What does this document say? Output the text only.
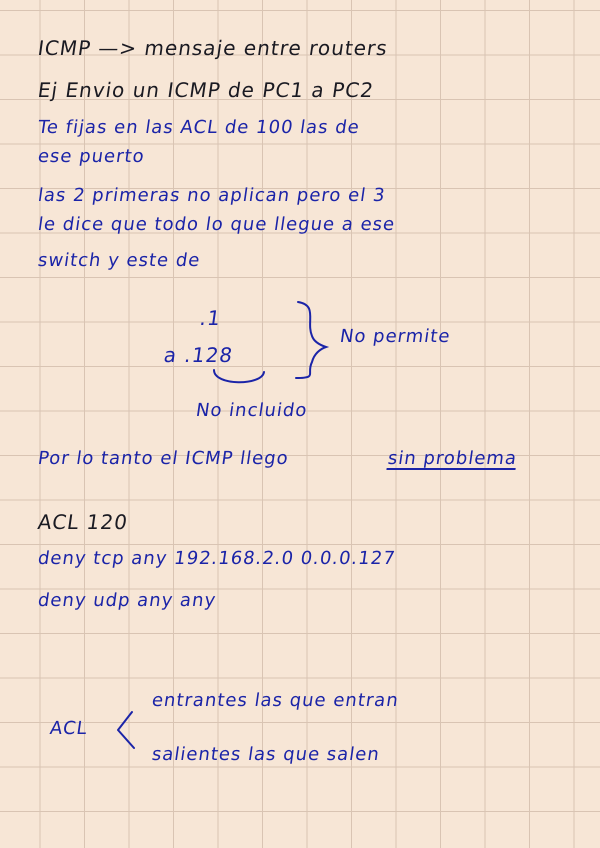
ICMP —> mensaje entre routers
Ej Envio un ICMP de PC1 a PC2
Te fijas en las ACL de 100 las de
ese puerto
las 2 primeras no aplican pero el 3
le dice que todo lo que llegue a ese
switch y este de
.1
a .128
No permite
No incluido
Por lo tanto el ICMP llego	sin problema
ACL 120
deny tcp any 192.168.2.0 0.0.0.127
deny udp any any
ACL
entrantes las que entran
salientes las que salen
